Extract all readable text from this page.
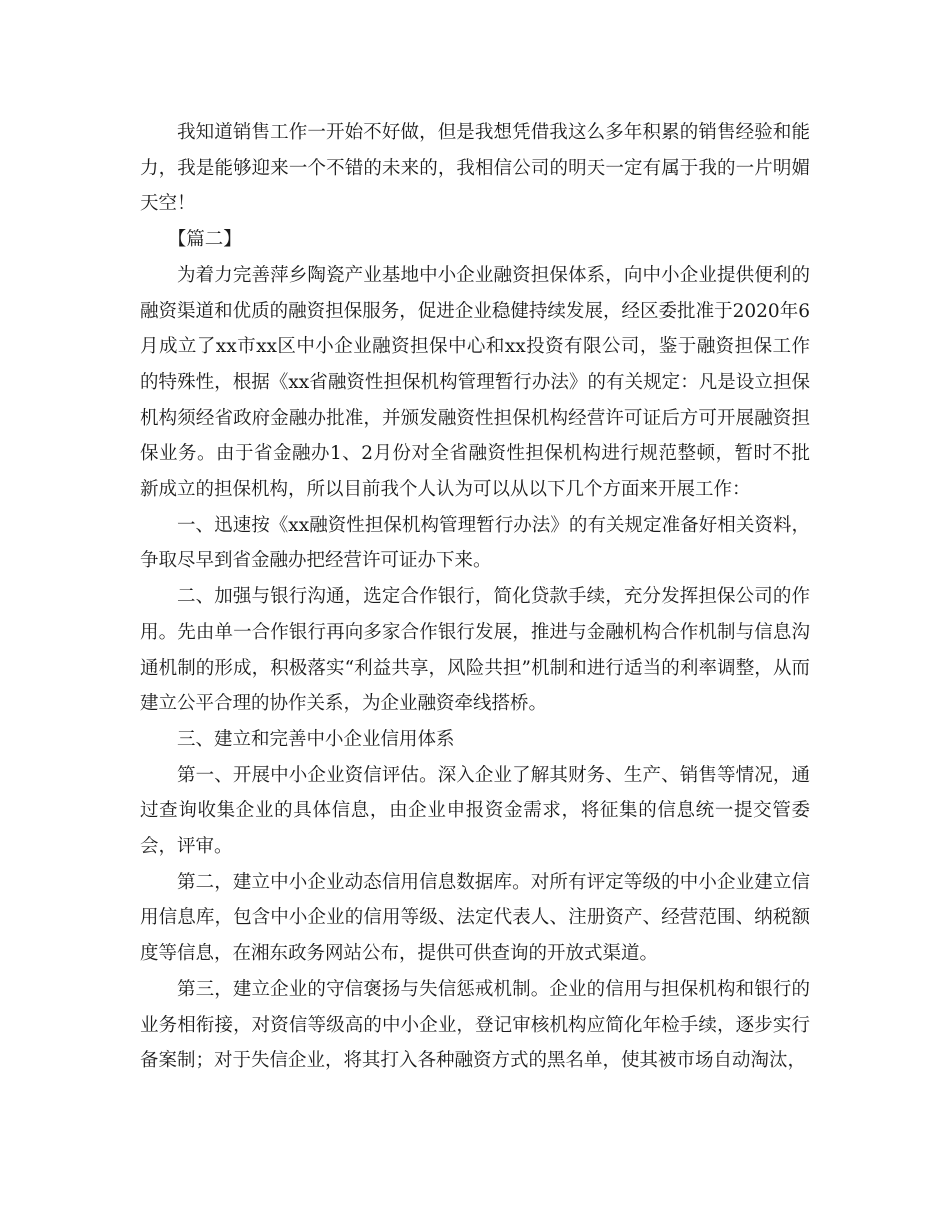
我知道销售工作一开始不好做，但是我想凭借我这么多年积累的销售经验和能力，我是能够迎来一个不错的未来的，我相信公司的明天一定有属于我的一片明媚天空！

【篇二】

为着力完善萍乡陶瓷产业基地中小企业融资担保体系，向中小企业提供便利的融资渠道和优质的融资担保服务，促进企业稳健持续发展，经区委批准于2020年6月成立了xx市xx区中小企业融资担保中心和xx投资有限公司，鉴于融资担保工作的特殊性，根据《xx省融资性担保机构管理暂行办法》的有关规定：凡是设立担保机构须经省政府金融办批准，并颁发融资性担保机构经营许可证后方可开展融资担保业务。由于省金融办1、2月份对全省融资性担保机构进行规范整顿，暂时不批新成立的担保机构，所以目前我个人认为可以从以下几个方面来开展工作：

一、迅速按《xx融资性担保机构管理暂行办法》的有关规定准备好相关资料，争取尽早到省金融办把经营许可证办下来。

二、加强与银行沟通，选定合作银行，简化贷款手续，充分发挥担保公司的作用。先由单一合作银行再向多家合作银行发展，推进与金融机构合作机制与信息沟通机制的形成，积极落实“利益共享，风险共担”机制和进行适当的利率调整，从而建立公平合理的协作关系，为企业融资牵线搭桥。

三、建立和完善中小企业信用体系

第一、开展中小企业资信评估。深入企业了解其财务、生产、销售等情况，通过查询收集企业的具体信息，由企业申报资金需求，将征集的信息统一提交管委会，评审。

第二，建立中小企业动态信用信息数据库。对所有评定等级的中小企业建立信用信息库，包含中小企业的信用等级、法定代表人、注册资产、经营范围、纳税额度等信息，在湘东政务网站公布，提供可供查询的开放式渠道。

第三，建立企业的守信褒扬与失信惩戒机制。企业的信用与担保机构和银行的业务相衔接，对资信等级高的中小企业，登记审核机构应简化年检手续，逐步实行备案制；对于失信企业，将其打入各种融资方式的黑名单，使其被市场自动淘汰，
